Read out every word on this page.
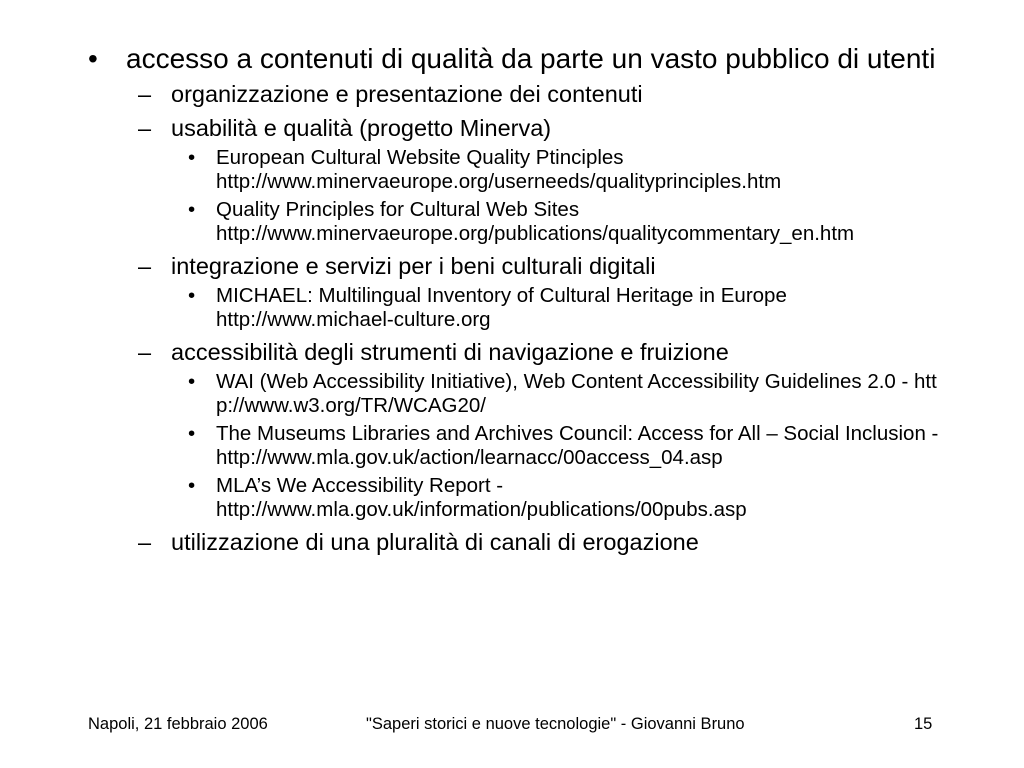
• accesso a contenuti di qualità da parte un vasto pubblico di utenti
– organizzazione e presentazione dei contenuti
– usabilità e qualità (progetto Minerva)
• European Cultural Website Quality Ptinciples
http://www.minervaeurope.org/userneeds/qualityprinciples.htm
• Quality Principles for Cultural Web Sites
http://www.minervaeurope.org/publications/qualitycommentary_en.htm
– integrazione e servizi per i beni culturali digitali
• MICHAEL: Multilingual Inventory of Cultural Heritage in Europe
http://www.michael-culture.org
– accessibilità degli strumenti di navigazione e fruizione
• WAI (Web Accessibility Initiative), Web Content Accessibility Guidelines 2.0 - http://www.w3.org/TR/WCAG20/
• The Museums Libraries and Archives Council: Access for All – Social Inclusion -
http://www.mla.gov.uk/action/learnacc/00access_04.asp
• MLA’s We Accessibility Report -
http://www.mla.gov.uk/information/publications/00pubs.asp
– utilizzazione di una pluralità di canali di erogazione
Napoli, 21 febbraio 2006	"Saperi storici e nuove tecnologie" - Giovanni Bruno	15
